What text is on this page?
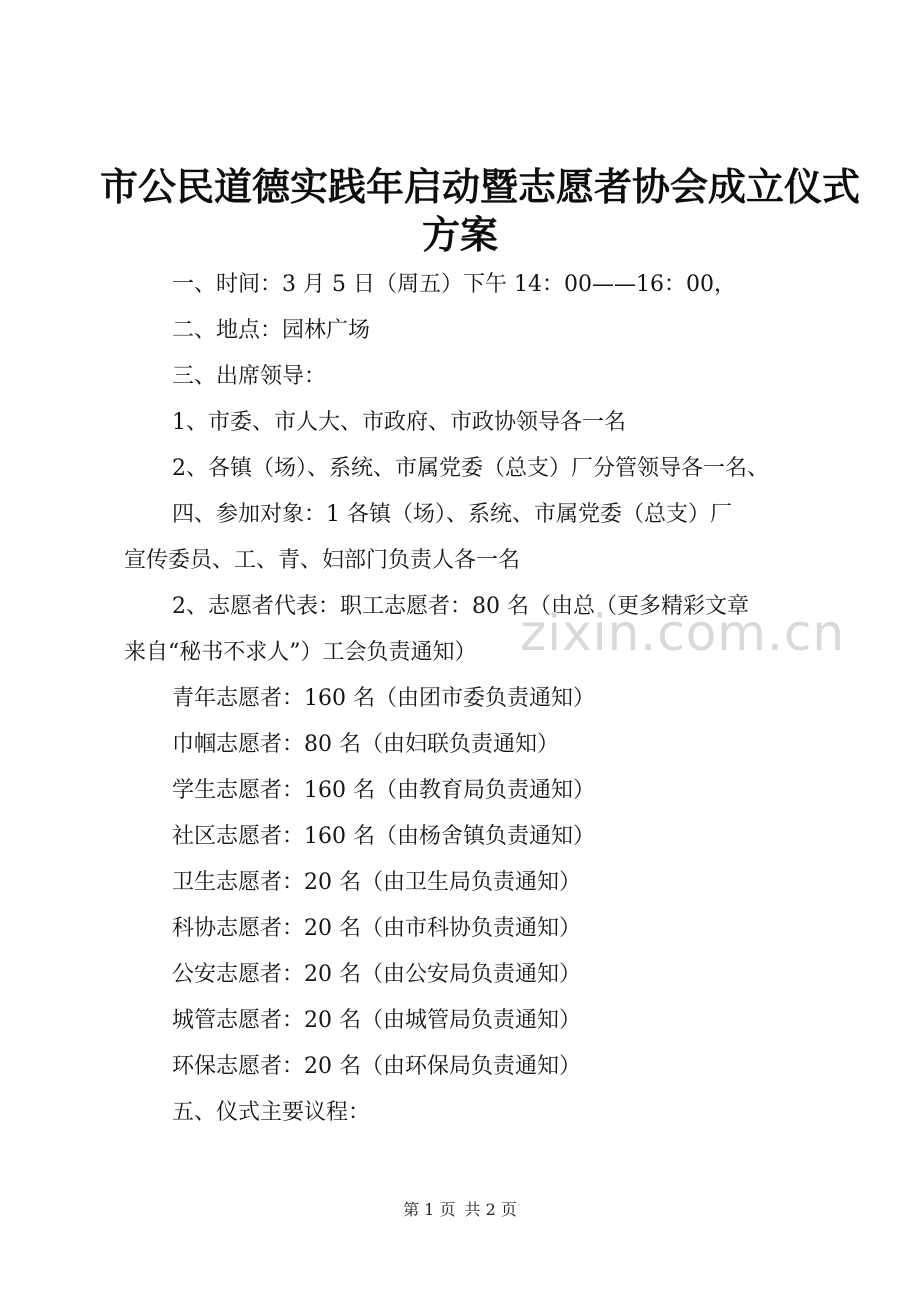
市公民道德实践年启动暨志愿者协会成立仪式
方案
一、时间：3 月 5 日（周五）下午 14：00——16：00，
二、地点：园林广场
三、出席领导：
1、市委、市人大、市政府、市政协领导各一名
2、各镇（场）、系统、市属党委（总支）厂分管领导各一名、
四、参加对象：1 各镇（场）、系统、市属党委（总支）厂
宣传委员、工、青、妇部门负责人各一名
2、志愿者代表：职工志愿者：80 名（由总（更多精彩文章
来自“秘书不求人”）工会负责通知）
青年志愿者：160 名（由团市委负责通知）
巾帼志愿者：80 名（由妇联负责通知）
学生志愿者：160 名（由教育局负责通知）
社区志愿者：160 名（由杨舍镇负责通知）
卫生志愿者：20 名（由卫生局负责通知）
科协志愿者：20 名（由市科协负责通知）
公安志愿者：20 名（由公安局负责通知）
城管志愿者：20 名（由城管局负责通知）
环保志愿者：20 名（由环保局负责通知）
五、仪式主要议程：
zixin.com.cn
第 1 页 共 2 页
